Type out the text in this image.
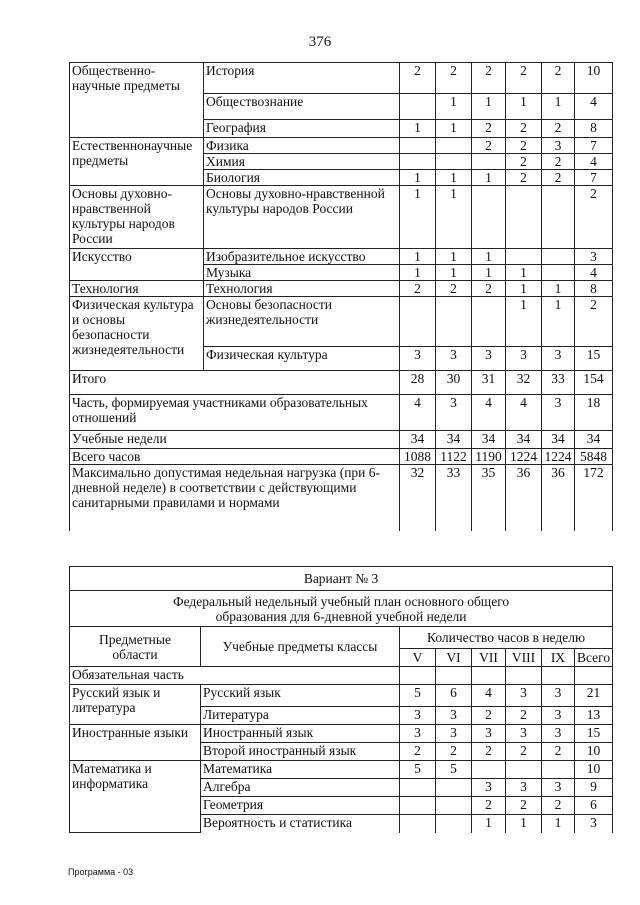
376
Общественно-научные предметы	История	2	2	2	2	2	10
	Обществознание		1	1	1	1	4
	География	1	1	2	2	2	8
Естественнонаучные предметы	Физика			2	2	3	7
	Химия				2	2	4
	Биология	1	1	1	2	2	7
Основы духовно-нравственной культуры народов России	Основы духовно-нравственной культуры народов России	1	1				2
Искусство	Изобразительное искусство	1	1	1			3
	Музыка	1	1	1	1		4
Технология	Технология	2	2	2	1	1	8
Физическая культура и основы безопасности жизнедеятельности	Основы безопасности жизнедеятельности				1	1	2
	Физическая культура	3	3	3	3	3	15
Итого		28	30	31	32	33	154
Часть, формируемая участниками образовательных отношений		4	3	4	4	3	18
Учебные недели		34	34	34	34	34	34
Всего часов		1088	1122	1190	1224	1224	5848
Максимально допустимая недельная нагрузка (при 6-дневной неделе) в соответствии с действующими санитарными правилами и нормами		32	33	35	36	36	172
Вариант № 3							
Федеральный недельный учебный план основного общего образования для 6-дневной учебной недели							
Предметные области	Учебные предметы классы	Количество часов в неделю					
		V	VI	VII	VIII	IX	Всего
Обязательная часть							
Русский язык и литература	Русский язык	5	6	4	3	3	21
	Литература	3	3	2	2	3	13
Иностранные языки	Иностранный язык	3	3	3	3	3	15
	Второй иностранный язык	2	2	2	2	2	10
Математика и информатика	Математика	5	5				10
	Алгебра			3	3	3	9
	Геометрия			2	2	2	6
	Вероятность и статистика			1	1	1	3
Программа - 03
